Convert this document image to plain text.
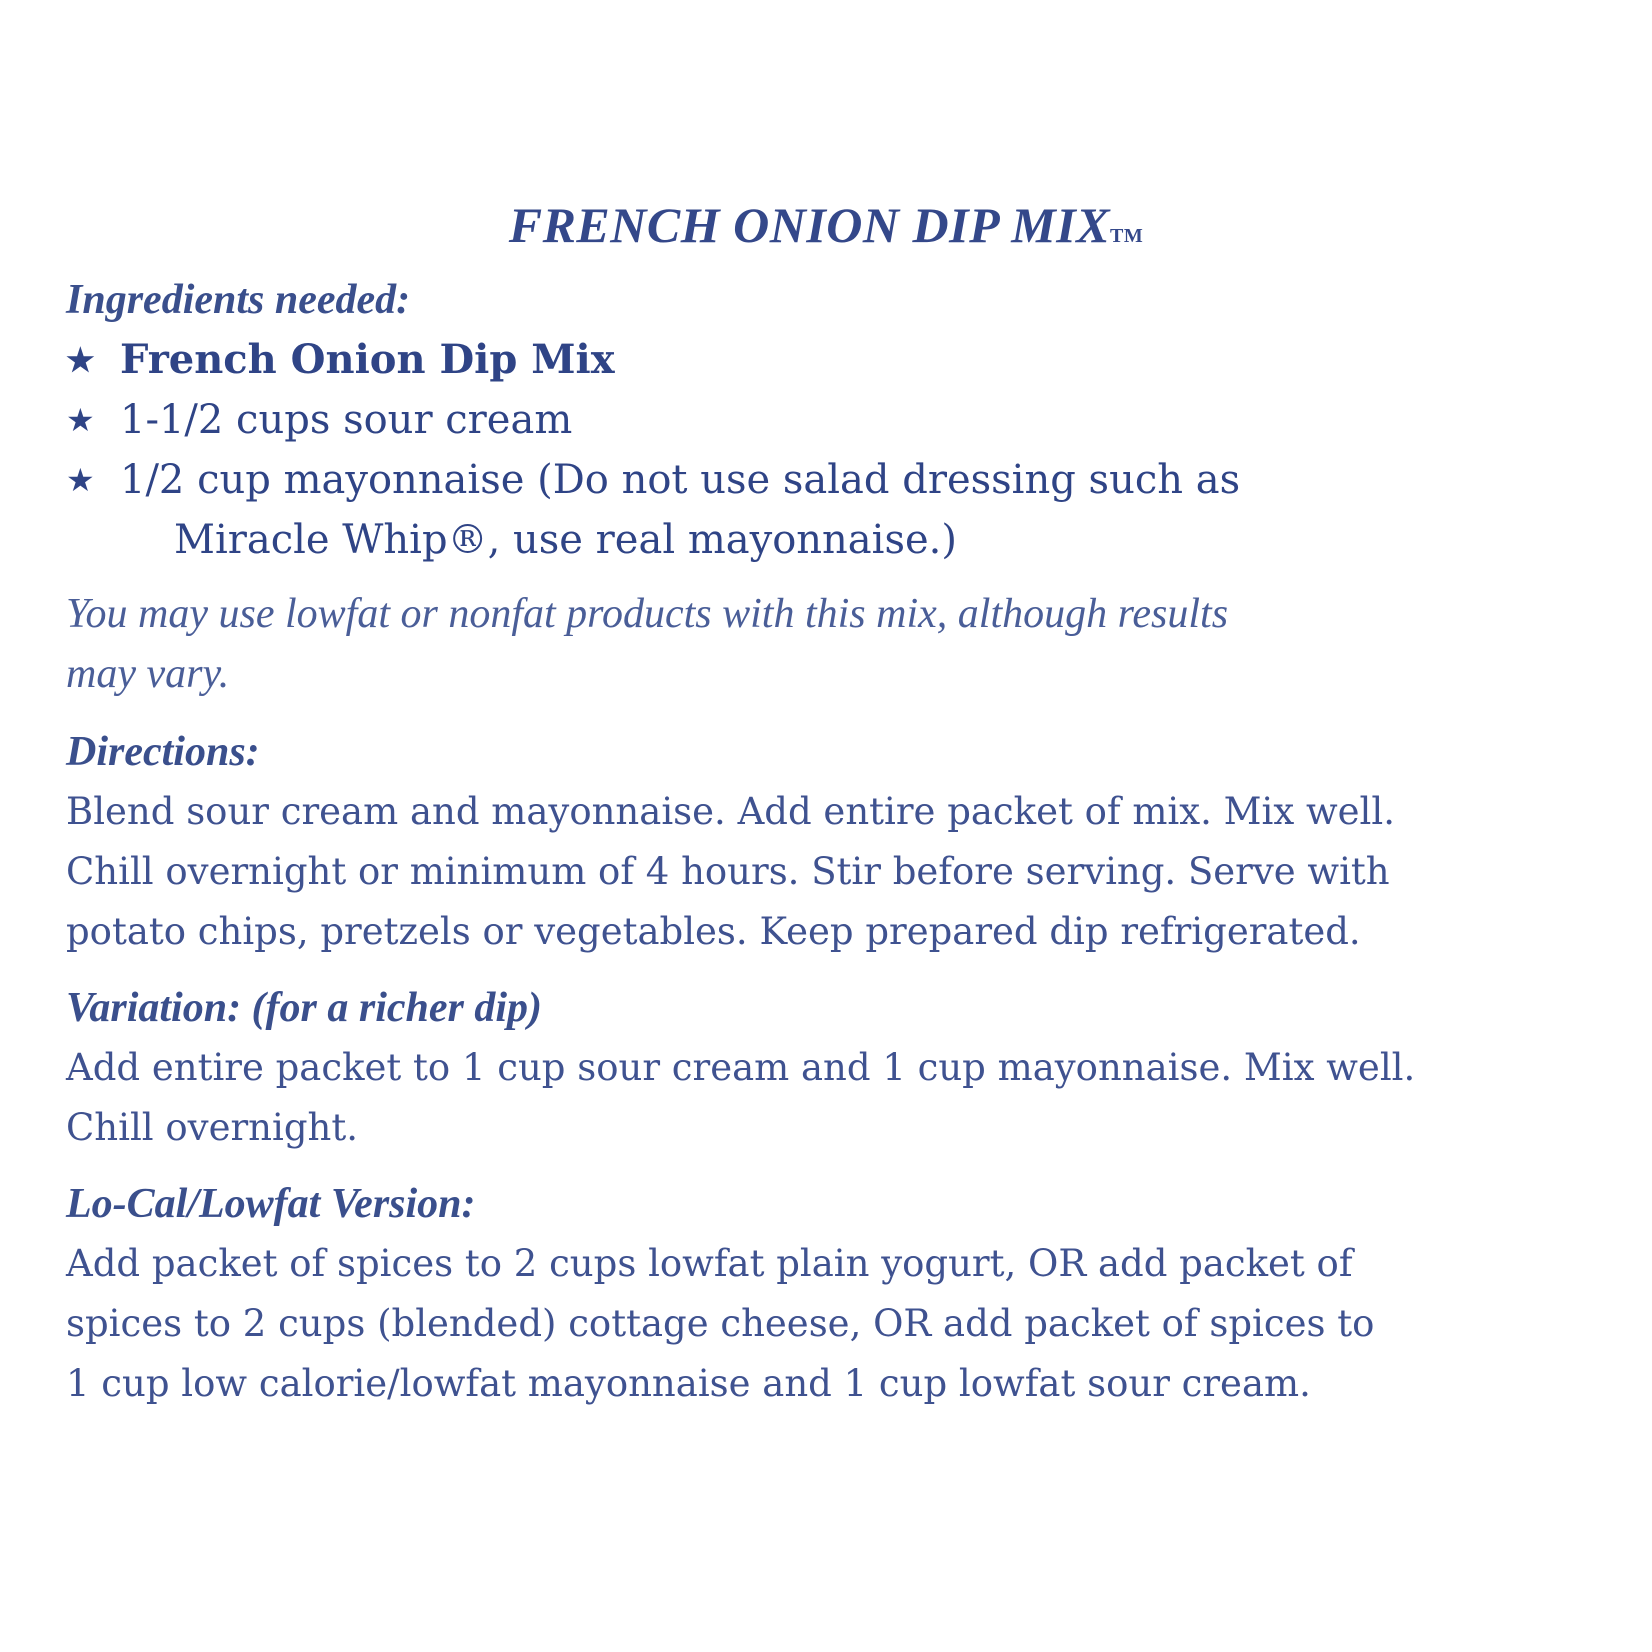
FRENCH ONION DIP MIXTM
Ingredients needed:
★ French Onion Dip Mix
★ 1-1/2 cups sour cream
★ 1/2 cup mayonnaise (Do not use salad dressing such as
Miracle Whip®, use real mayonnaise.)
You may use lowfat or nonfat products with this mix, although results
may vary.
Directions:
Blend sour cream and mayonnaise. Add entire packet of mix. Mix well.
Chill overnight or minimum of 4 hours. Stir before serving. Serve with
potato chips, pretzels or vegetables. Keep prepared dip refrigerated.
Variation: (for a richer dip)
Add entire packet to 1 cup sour cream and 1 cup mayonnaise. Mix well.
Chill overnight.
Lo-Cal/Lowfat Version:
Add packet of spices to 2 cups lowfat plain yogurt, OR add packet of
spices to 2 cups (blended) cottage cheese, OR add packet of spices to
1 cup low calorie/lowfat mayonnaise and 1 cup lowfat sour cream.
